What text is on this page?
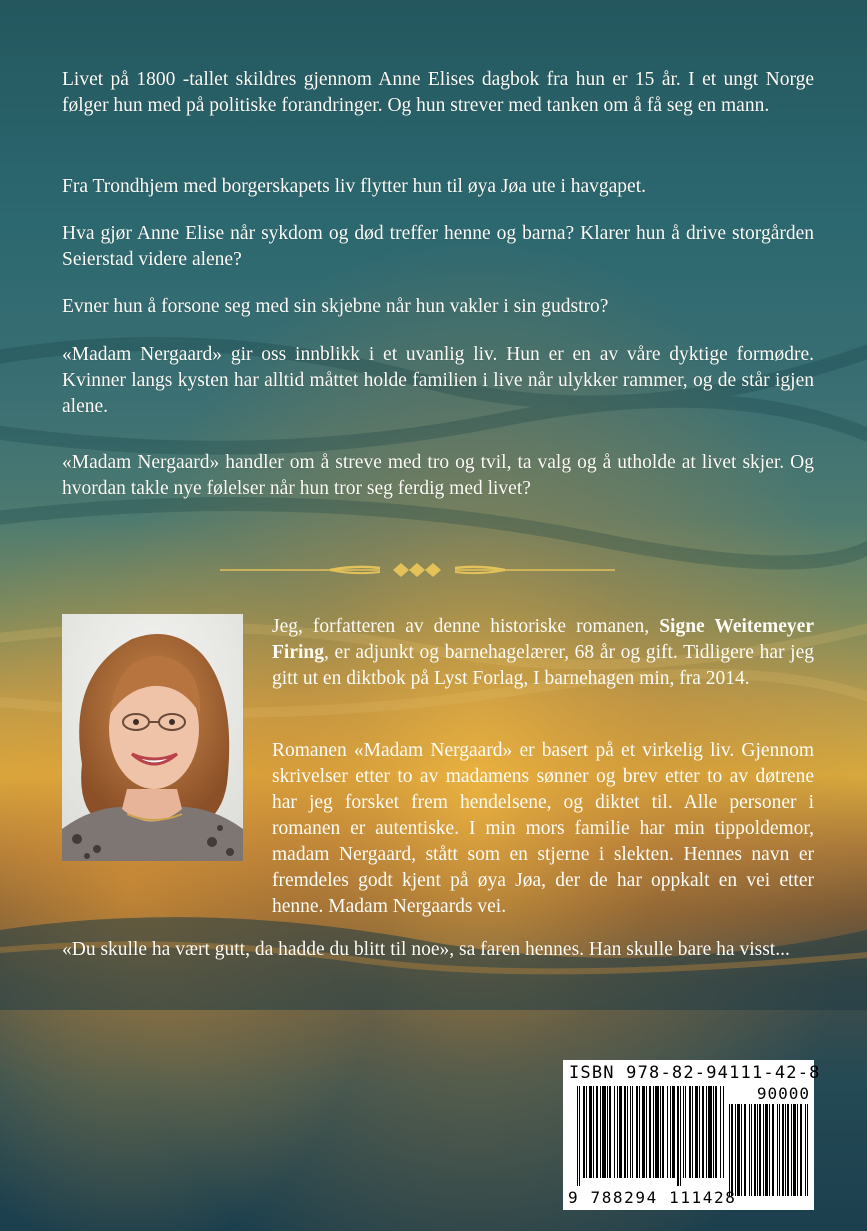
Livet på 1800 -tallet skildres gjennom Anne Elises dagbok fra hun er 15 år. I et ungt Norge følger hun med på politiske forandringer. Og hun strever med tanken om å få seg en mann.

Fra Trondhjem med borgerskapets liv flytter hun til øya Jøa ute i havgapet.

Hva gjør Anne Elise når sykdom og død treffer henne og barna? Klarer hun å drive storgården Seierstad videre alene?

Evner hun å forsone seg med sin skjebne når hun vakler i sin gudstro?

«Madam Nergaard» gir oss innblikk i et uvanlig liv. Hun er en av våre dyktige formødre. Kvinner langs kysten har alltid måttet holde familien i live når ulykker rammer, og de står igjen alene.

«Madam Nergaard» handler om å streve med tro og tvil, ta valg og å utholde at livet skjer. Og hvordan takle nye følelser når hun tror seg ferdig med livet?

Jeg, forfatteren av denne historiske romanen, Signe Weitemeyer Firing, er adjunkt og barnehagelærer, 68 år og gift. Tidligere har jeg gitt ut en diktbok på Lyst Forlag, I barnehagen min, fra 2014.

Romanen «Madam Nergaard» er basert på et virkelig liv. Gjennom skrivelser etter to av madamens sønner og brev etter to av døtrene har jeg forsket frem hendelsene, og diktet til. Alle personer i romanen er autentiske. I min mors familie har min tippoldemor, madam Nergaard, stått som en stjerne i slekten. Hennes navn er fremdeles godt kjent på øya Jøa, der de har oppkalt en vei etter henne. Madam Nergaards vei.

«Du skulle ha vært gutt, da hadde du blitt til noe», sa faren hennes. Han skulle bare ha visst...

ISBN 978-82-94111-42-8
90000
9 788294 111428
